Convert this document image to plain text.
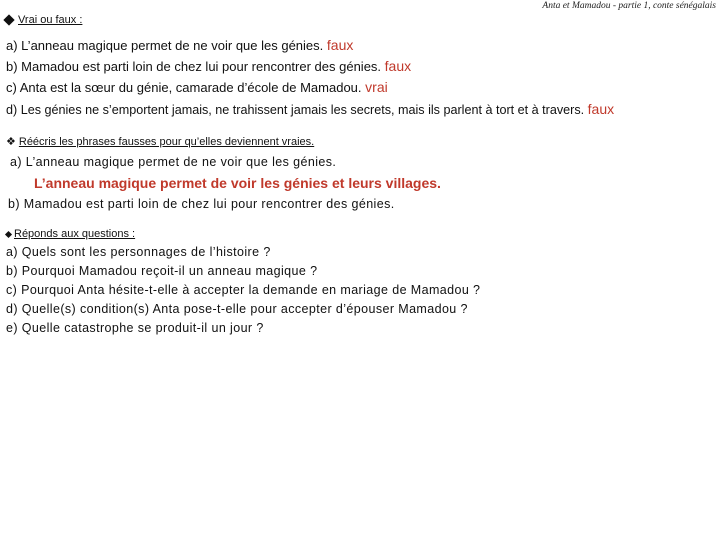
Anta et Mamadou - partie 1, conte sénégalais
Vrai ou faux :
a) L’anneau magique permet de ne voir que les génies. faux
b) Mamadou est parti loin de chez lui pour rencontrer des génies. faux
c) Anta est la sœur du génie, camarade d’école de Mamadou. vrai
d) Les génies ne s’emportent jamais, ne trahissent jamais les secrets, mais ils parlent à tort et à travers. faux
❖ Réécris les phrases fausses pour qu’elles deviennent vraies.
a) L’anneau magique permet de ne voir que les génies.
L’anneau magique permet de voir les génies et leurs villages.
b) Mamadou est parti loin de chez lui pour rencontrer des génies.
Réponds aux questions :
a) Quels sont les personnages de l’histoire ?
b) Pourquoi Mamadou reçoit-il un anneau magique ?
c) Pourquoi Anta hésite-t-elle à accepter la demande en mariage de Mamadou ?
d) Quelle(s) condition(s) Anta pose-t-elle pour accepter d’épouser Mamadou ?
e) Quelle catastrophe se produit-il un jour ?
